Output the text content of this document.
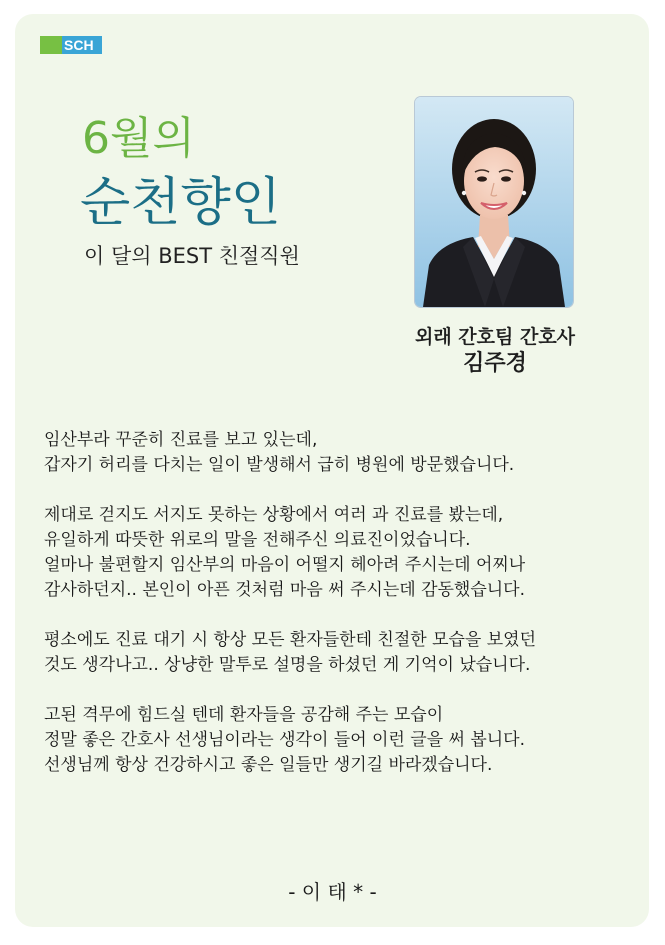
SCH
6월의
순천향인
이 달의 BEST 친절직원
외래 간호팀 간호사
김주경
임산부라 꾸준히 진료를 보고 있는데,
갑자기 허리를 다치는 일이 발생해서 급히 병원에 방문했습니다.
제대로 걷지도 서지도 못하는 상황에서 여러 과 진료를 봤는데,
유일하게 따뜻한 위로의 말을 전해주신 의료진이었습니다.
얼마나 불편할지 임산부의 마음이 어떨지 헤아려 주시는데 어찌나
감사하던지.. 본인이 아픈 것처럼 마음 써 주시는데 감동했습니다.
평소에도 진료 대기 시 항상 모든 환자들한테 친절한 모습을 보였던
것도 생각나고.. 상냥한 말투로 설명을 하셨던 게 기억이 났습니다.
고된 격무에 힘드실 텐데 환자들을 공감해 주는 모습이
정말 좋은 간호사 선생님이라는 생각이 들어 이런 글을 써 봅니다.
선생님께 항상 건강하시고 좋은 일들만 생기길 바라겠습니다.
- 이 태 * -
